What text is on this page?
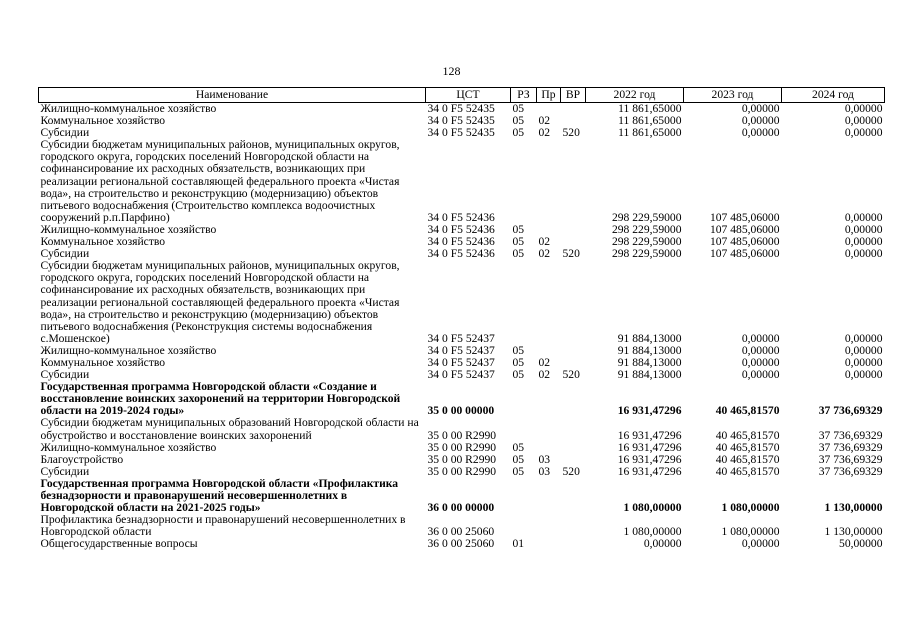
128
Наименование	ЦСТ	РЗ	Пр	ВР	2022 год	2023 год	2024 год
Жилищно-коммунальное хозяйство	34 0 F5 52435	05			11 861,65000	0,00000	0,00000
Коммунальное хозяйство	34 0 F5 52435	05	02		11 861,65000	0,00000	0,00000
Субсидии	34 0 F5 52435	05	02	520	11 861,65000	0,00000	0,00000
Субсидии бюджетам муниципальных районов, муниципальных округов, городского округа, городских поселений Новгородской области на софинансирование их расходных обязательств, возникающих при реализации региональной составляющей федерального проекта «Чистая вода», на строительство и реконструкцию (модернизацию) объектов питьевого водоснабжения (Строительство комплекса водоочистных сооружений р.п.Парфино)	34 0 F5 52436				298 229,59000	107 485,06000	0,00000
Жилищно-коммунальное хозяйство	34 0 F5 52436	05			298 229,59000	107 485,06000	0,00000
Коммунальное хозяйство	34 0 F5 52436	05	02		298 229,59000	107 485,06000	0,00000
Субсидии	34 0 F5 52436	05	02	520	298 229,59000	107 485,06000	0,00000
Субсидии бюджетам муниципальных районов, муниципальных округов, городского округа, городских поселений Новгородской области на софинансирование их расходных обязательств, возникающих при реализации региональной составляющей федерального проекта «Чистая вода», на строительство и реконструкцию (модернизацию) объектов питьевого водоснабжения (Реконструкция системы водоснабжения с.Мошенское)	34 0 F5 52437				91 884,13000	0,00000	0,00000
Жилищно-коммунальное хозяйство	34 0 F5 52437	05			91 884,13000	0,00000	0,00000
Коммунальное хозяйство	34 0 F5 52437	05	02		91 884,13000	0,00000	0,00000
Субсидии	34 0 F5 52437	05	02	520	91 884,13000	0,00000	0,00000
Государственная программа Новгородской области «Создание и восстановление воинских захоронений на территории Новгородской области на 2019-2024 годы»	35 0 00 00000				16 931,47296	40 465,81570	37 736,69329
Субсидии бюджетам муниципальных образований Новгородской области на обустройство и восстановление воинских захоронений	35 0 00 R2990				16 931,47296	40 465,81570	37 736,69329
Жилищно-коммунальное хозяйство	35 0 00 R2990	05			16 931,47296	40 465,81570	37 736,69329
Благоустройство	35 0 00 R2990	05	03		16 931,47296	40 465,81570	37 736,69329
Субсидии	35 0 00 R2990	05	03	520	16 931,47296	40 465,81570	37 736,69329
Государственная программа Новгородской области «Профилактика безнадзорности и правонарушений несовершеннолетних в Новгородской области на 2021-2025 годы»	36 0 00 00000				1 080,00000	1 080,00000	1 130,00000
Профилактика безнадзорности и правонарушений несовершеннолетних в Новгородской области	36 0 00 25060				1 080,00000	1 080,00000	1 130,00000
Общегосударственные вопросы	36 0 00 25060	01			0,00000	0,00000	50,00000
